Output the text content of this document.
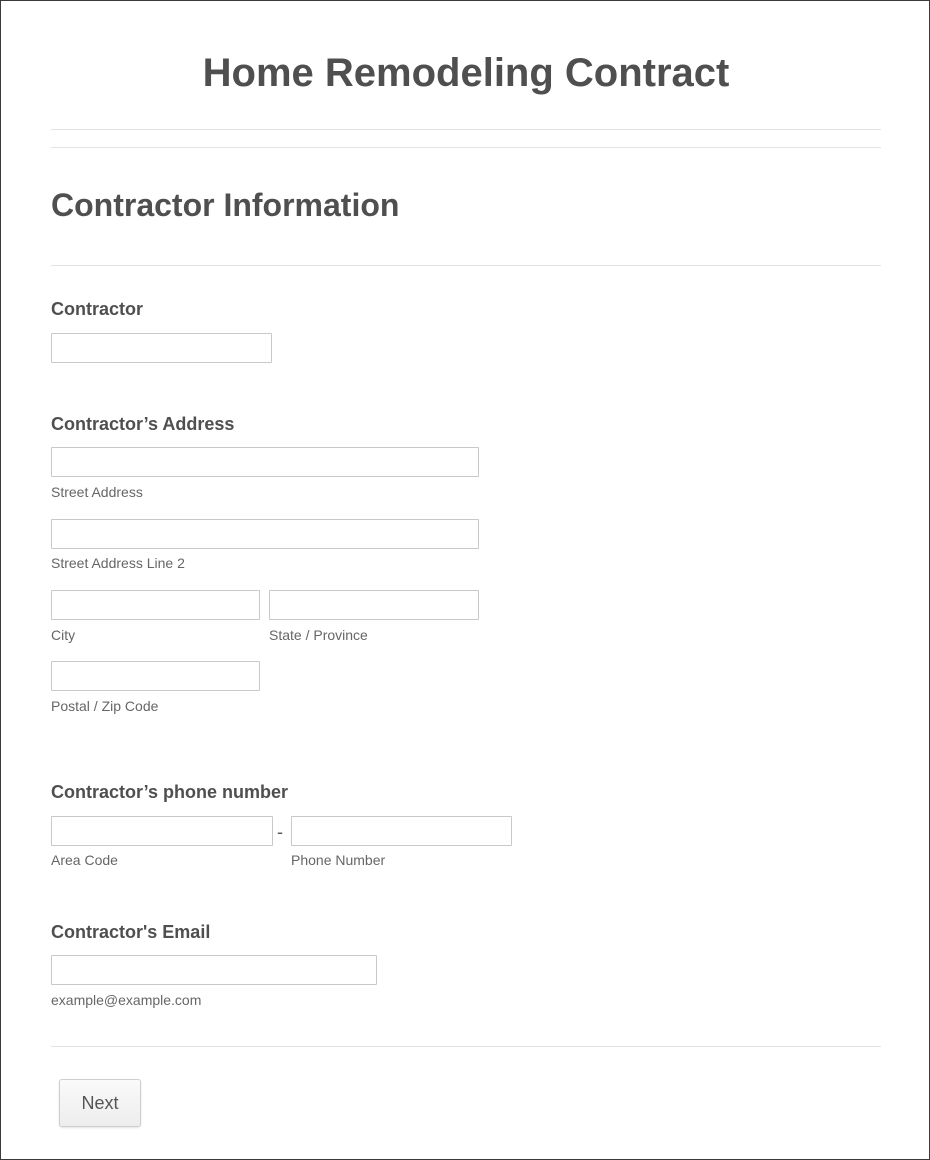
Home Remodeling Contract
Contractor Information
Contractor
Contractor’s Address
Street Address
Street Address Line 2
City	State / Province
Postal / Zip Code
Contractor’s phone number
-
Area Code	Phone Number
Contractor's Email
example@example.com
Next
